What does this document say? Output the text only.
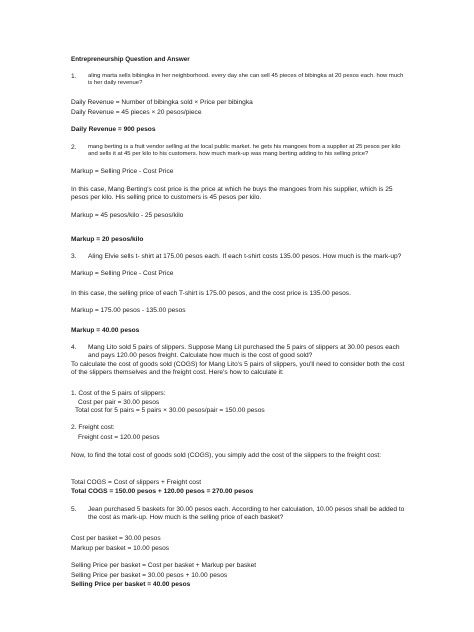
Entrepreneurship Question and Answer
1. aling marta sells bibingka in her neighborhood. every day she can sell 45 pieces of bibingka at 20 pesos each. how much is her daily revenue?
Daily Revenue = Number of bibingka sold × Price per bibingka
Daily Revenue = 45 pieces × 20 pesos/piece
Daily Revenue = 900 pesos
2. mang berting is a fruit vendor selling at the local public market. he gets his mangoes from a supplier at 25 pesos per kilo and sells it at 45 per kilo to his customers. how much mark-up was mang berting adding to his selling price?
Markup = Selling Price - Cost Price
In this case, Mang Berting's cost price is the price at which he buys the mangoes from his supplier, which is 25 pesos per kilo. His selling price to customers is 45 pesos per kilo.
Markup = 45 pesos/kilo - 25 pesos/kilo
Markup = 20 pesos/kilo
3. Aling Elvie sells t- shirt at 175.00 pesos each. If each t-shirt costs 135.00 pesos. How much is the mark-up?
Markup = Selling Price - Cost Price
In this case, the selling price of each T-shirt is 175.00 pesos, and the cost price is 135.00 pesos.
Markup = 175.00 pesos - 135.00 pesos
Markup = 40.00 pesos
4. Mang Lito sold 5 pairs of slippers. Suppose Mang Lit purchased the 5 pairs of slippers at 30.00 pesos each and pays 120.00 pesos freight. Calculate how much is the cost of good sold?
To calculate the cost of goods sold (COGS) for Mang Lito's 5 pairs of slippers, you'll need to consider both the cost of the slippers themselves and the freight cost. Here's how to calculate it:
1. Cost of the 5 pairs of slippers:
Cost per pair = 30.00 pesos
Total cost for 5 pairs = 5 pairs × 30.00 pesos/pair = 150.00 pesos
2. Freight cost:
Freight cost = 120.00 pesos
Now, to find the total cost of goods sold (COGS), you simply add the cost of the slippers to the freight cost:
Total COGS = Cost of slippers + Freight cost
Total COGS = 150.00 pesos + 120.00 pesos = 270.00 pesos
5. Jean purchased 5 baskets for 30.00 pesos each. According to her calculation, 10.00 pesos shall be added to the cost as mark-up. How much is the selling price of each basket?
Cost per basket = 30.00 pesos
Markup per basket = 10.00 pesos
Selling Price per basket = Cost per basket + Markup per basket
Selling Price per basket = 30.00 pesos + 10.00 pesos
Selling Price per basket = 40.00 pesos
